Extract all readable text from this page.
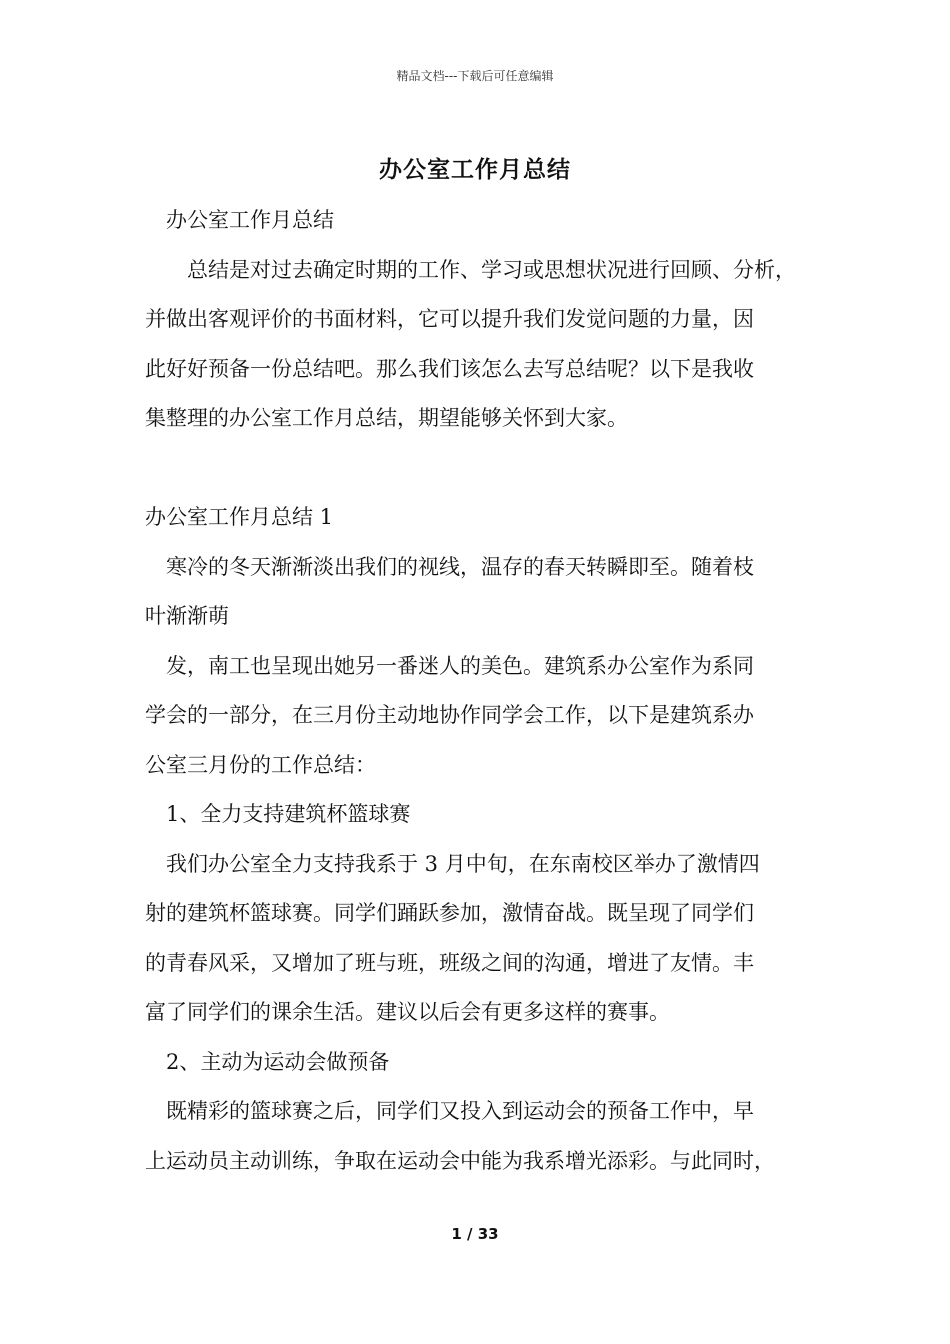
精品文档---下载后可任意编辑
办公室工作月总结
　办公室工作月总结
　　总结是对过去确定时期的工作、学习或思想状况进行回顾、分析，
并做出客观评价的书面材料，它可以提升我们发觉问题的力量，因
此好好预备一份总结吧。那么我们该怎么去写总结呢？以下是我收
集整理的办公室工作月总结，期望能够关怀到大家。
办公室工作月总结 1
　寒冷的冬天渐渐淡出我们的视线，温存的春天转瞬即至。随着枝
叶渐渐萌
　发，南工也呈现出她另一番迷人的美色。建筑系办公室作为系同
学会的一部分，在三月份主动地协作同学会工作，以下是建筑系办
公室三月份的工作总结：
　1、全力支持建筑杯篮球赛
　我们办公室全力支持我系于 3 月中旬，在东南校区举办了激情四
射的建筑杯篮球赛。同学们踊跃参加，激情奋战。既呈现了同学们
的青春风采，又增加了班与班，班级之间的沟通，增进了友情。丰
富了同学们的课余生活。建议以后会有更多这样的赛事。
　2、主动为运动会做预备
　既精彩的篮球赛之后，同学们又投入到运动会的预备工作中，早
上运动员主动训练，争取在运动会中能为我系增光添彩。与此同时，
1 / 33
